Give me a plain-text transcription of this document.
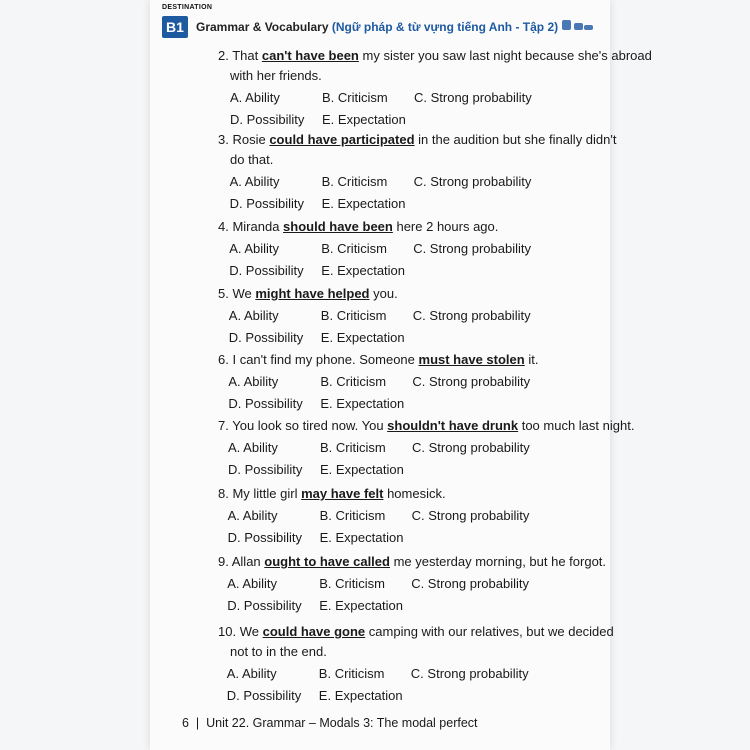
DESTINATION
B1	Grammar & Vocabulary (Ngữ pháp & từ vựng tiếng Anh - Tập 2)
2. That can't have been my sister you saw last night because she's abroad
with her friends.
A. Ability	B. Criticism C. Strong probability
D. Possibility E. Expectation
3. Rosie could have participated in the audition but she finally didn't
do that.
A. Ability	B. Criticism C. Strong probability
D. Possibility E. Expectation
4. Miranda should have been here 2 hours ago.
A. Ability	B. Criticism C. Strong probability
D. Possibility E. Expectation
5. We might have helped you.
A. Ability	B. Criticism C. Strong probability
D. Possibility E. Expectation
6. I can't find my phone. Someone must have stolen it.
A. Ability	B. Criticism C. Strong probability
D. Possibility E. Expectation
7. You look so tired now. You shouldn't have drunk too much last night.
A. Ability	B. Criticism C. Strong probability
D. Possibility E. Expectation
8. My little girl may have felt homesick.
A. Ability	B. Criticism C. Strong probability
D. Possibility E. Expectation
9. Allan ought to have called me yesterday morning, but he forgot.
A. Ability	B. Criticism C. Strong probability
D. Possibility E. Expectation
10. We could have gone camping with our relatives, but we decided
not to in the end.
A. Ability	B. Criticism C. Strong probability
D. Possibility E. Expectation
6 | Unit 22. Grammar – Modals 3: The modal perfect
